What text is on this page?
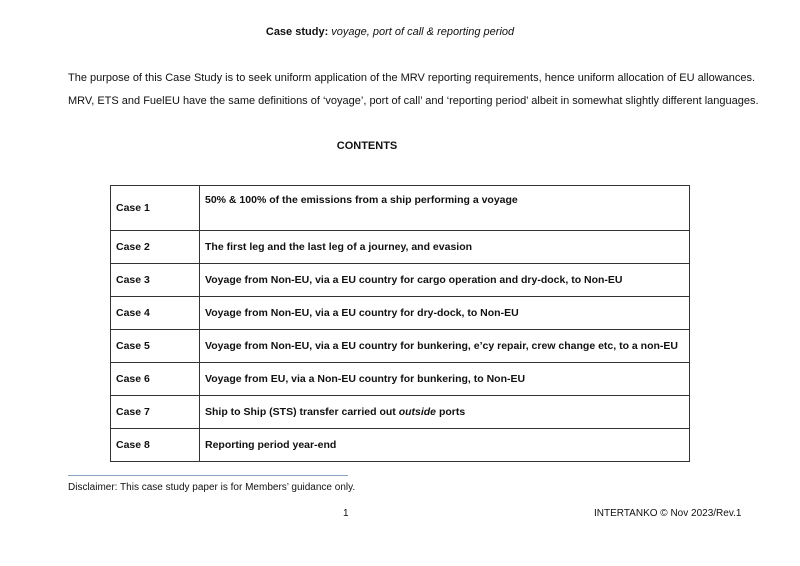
Case study: voyage, port of call & reporting period
The purpose of this Case Study is to seek uniform application of the MRV reporting requirements, hence uniform allocation of EU allowances.
MRV, ETS and FuelEU have the same definitions of ‘voyage’, port of call’ and ‘reporting period’ albeit in somewhat slightly different languages.
CONTENTS
Case 1	50% & 100% of the emissions from a ship performing a voyage
Case 2	The first leg and the last leg of a journey, and evasion
Case 3	Voyage from Non-EU, via a EU country for cargo operation and dry-dock, to Non-EU
Case 4	Voyage from Non-EU, via a EU country for dry-dock, to Non-EU
Case 5	Voyage from Non-EU, via a EU country for bunkering, e’cy repair, crew change etc, to a non-EU
Case 6	Voyage from EU, via a Non-EU country for bunkering, to Non-EU
Case 7	Ship to Ship (STS) transfer carried out outside ports
Case 8	Reporting period year-end
Disclaimer: This case study paper is for Members’ guidance only.
1	INTERTANKO © Nov 2023/Rev.1
